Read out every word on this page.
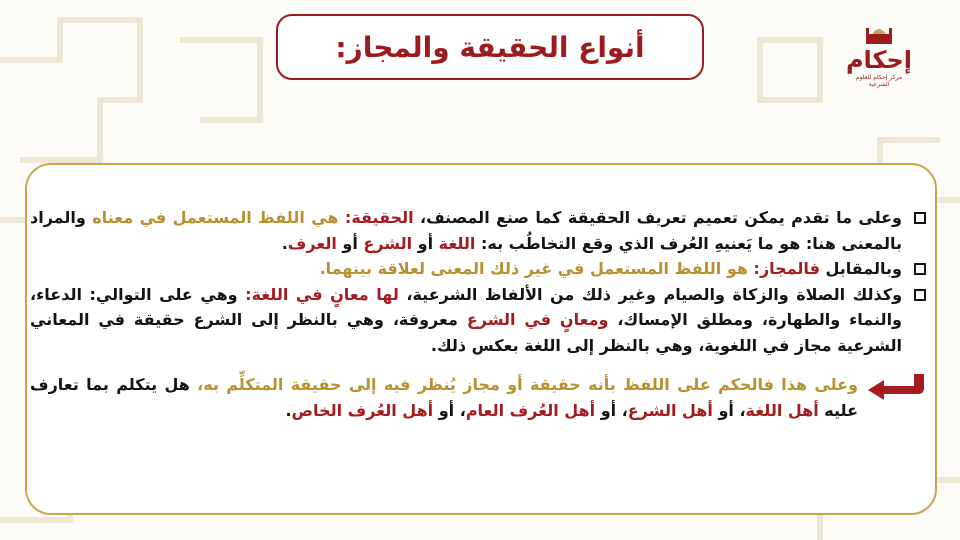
أنواع الحقيقة والمجاز:	إحكام
مركز إحكام للعلوم الشرعية
وعلى ما تقدم يمكن تعميم تعريف الحقيقة كما صنع المصنف، الحقيقة: هي اللفظ المستعمل في معناه والمراد بالمعنى هنا: هو ما يَعنيهِ العُرف الذي وقع التخاطُب به: اللغة أو الشرع أو العرف.
وبالمقابل فالمجاز: هو اللفظ المستعمل في غير ذلك المعنى لعلاقة بينهما.
وكذلك الصلاة والزكاة والصيام وغير ذلك من الألفاظ الشرعية، لها معانٍ في اللغة: وهي على التوالي: الدعاء، والنماء والطهارة، ومطلق الإمساك، ومعانٍ في الشرع معروفة، وهي بالنظر إلى الشرع حقيقة في المعاني الشرعية مجاز في اللغوية، وهي بالنظر إلى اللغة بعكس ذلك.
وعلى هذا فالحكم على اللفظ بأنه حقيقة أو مجاز يُنظر فيه إلى حقيقة المتكلِّم به، هل يتكلم بما تعارف عليه أهل اللغة، أو أهل الشرع، أو أهل العُرف العام، أو أهل العُرف الخاص.
